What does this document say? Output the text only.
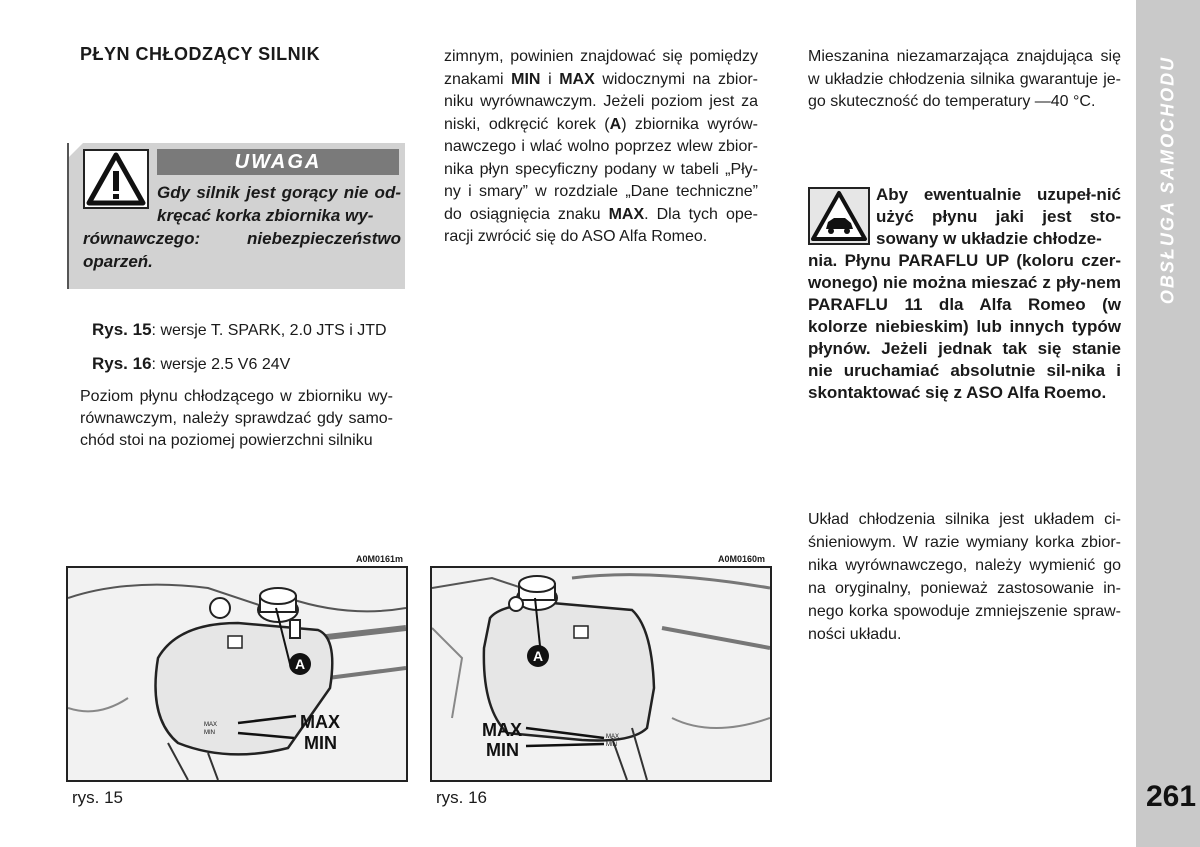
OBSŁUGA SAMOCHODU
261
PŁYN CHŁODZĄCY SILNIK
UWAGA
Gdy silnik jest gorący nie od-kręcać korka zbiornika wy-
równawczego: niebezpieczeństwo oparzeń.
Rys. 15: wersje T. SPARK, 2.0 JTS i JTD
Rys. 16: wersje 2.5 V6 24V
Poziom płynu chłodzącego w zbiorniku wy-równawczym, należy sprawdzać gdy samo-chód stoi na poziomej powierzchni silniku
zimnym, powinien znajdować się pomiędzy znakami MIN i MAX widocznymi na zbior-niku wyrównawczym. Jeżeli poziom jest za niski, odkręcić korek (A) zbiornika wyrów-nawczego i wlać wolno poprzez wlew zbior-nika płyn specyficzny podany w tabeli „Pły-ny i smary” w rozdziale „Dane techniczne” do osiągnięcia znaku MAX. Dla tych ope-racji zwrócić się do ASO Alfa Romeo.
Mieszanina niezamarzająca znajdująca się w układzie chłodzenia silnika gwarantuje je-go skuteczność do temperatury —40 °C.
Aby ewentualnie uzupeł-nić użyć płynu jaki jest sto-sowany w układzie chłodze-
nia. Płynu PARAFLU UP (koloru czer-wonego) nie można mieszać z pły-nem PARAFLU 11 dla Alfa Romeo (w kolorze niebieskim) lub innych typów płynów. Jeżeli jednak tak się stanie nie uruchamiać absolutnie sil-nika i skontaktować się z ASO Alfa Roemo.
Układ chłodzenia silnika jest układem ci-śnieniowym. W razie wymiany korka zbior-nika wyrównawczego, należy wymienić go na oryginalny, ponieważ zastosowanie in-nego korka spowoduje zmniejszenie spraw-ności układu.
A0M0161m
A
MAX
MIN
MAX
MIN
rys. 15
A0M0160m
A
MAX
MIN
MAX
MIN
rys. 16
